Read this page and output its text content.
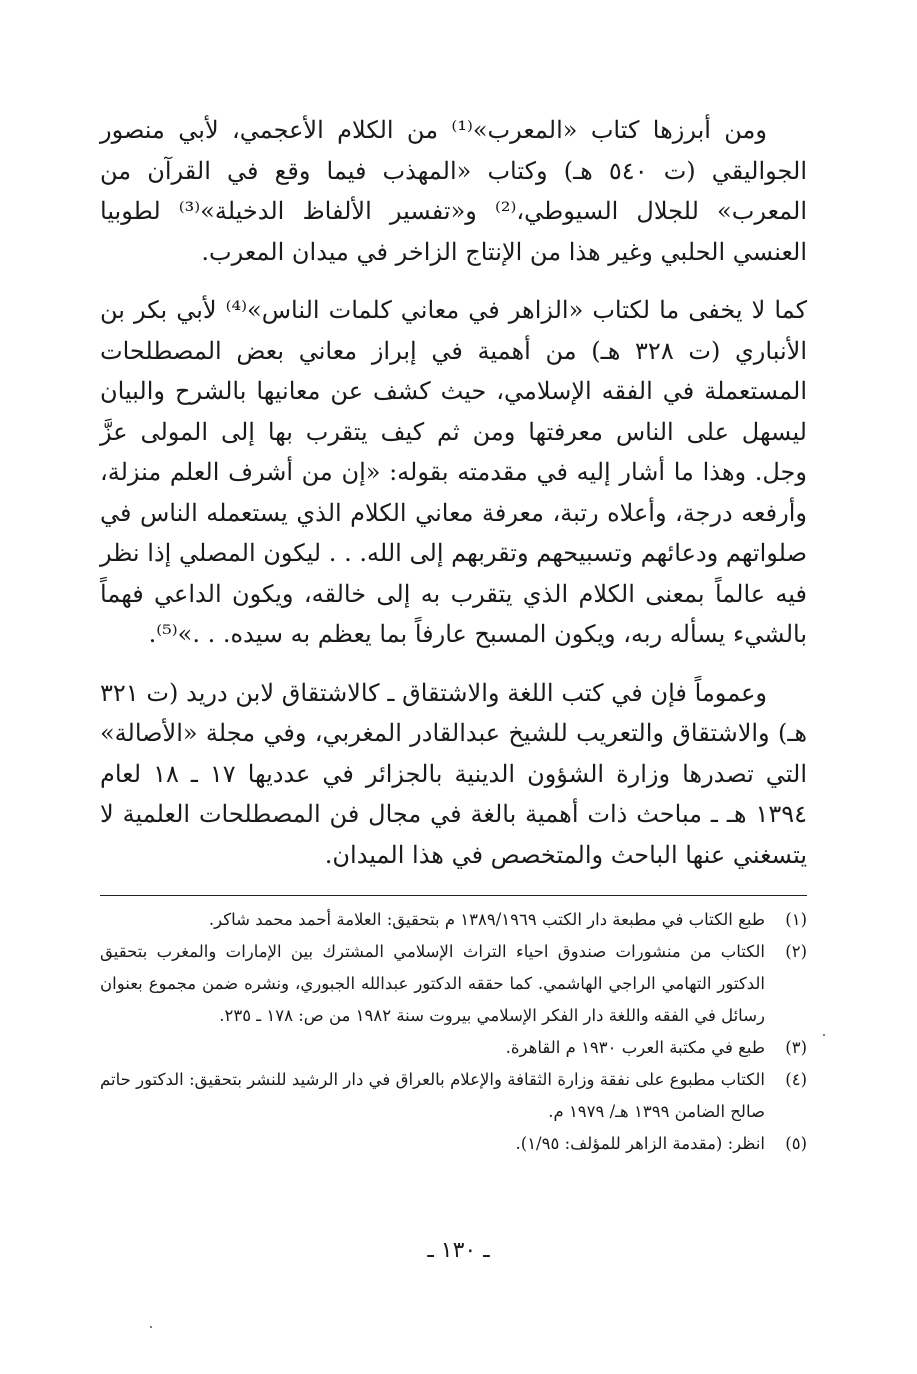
ومن أبرزها كتاب «المعرب»⁽¹⁾ من الكلام الأعجمي، لأبي منصور الجواليقي (ت ٥٤٠ هـ) وكتاب «المهذب فيما وقع في القرآن من المعرب» للجلال السيوطي،⁽²⁾ و«تفسير الألفاظ الدخيلة»⁽³⁾ لطوبيا العنسي الحلبي وغير هذا من الإنتاج الزاخر في ميدان المعرب.

كما لا يخفى ما لكتاب «الزاهر في معاني كلمات الناس»⁽⁴⁾ لأبي بكر بن الأنباري (ت ٣٢٨ هـ) من أهمية في إبراز معاني بعض المصطلحات المستعملة في الفقه الإسلامي، حيث كشف عن معانيها بالشرح والبيان ليسهل على الناس معرفتها ومن ثم كيف يتقرب بها إلى المولى عزَّ وجل. وهذا ما أشار إليه في مقدمته بقوله: «إن من أشرف العلم منزلة، وأرفعه درجة، وأعلاه رتبة، معرفة معاني الكلام الذي يستعمله الناس في صلواتهم ودعائهم وتسبيحهم وتقربهم إلى الله. . . ليكون المصلي إذا نظر فيه عالماً بمعنى الكلام الذي يتقرب به إلى خالقه، ويكون الداعي فهماً بالشيء يسأله ربه، ويكون المسبح عارفاً بما يعظم به سيده. . .»⁽⁵⁾.

وعموماً فإن في كتب اللغة والاشتقاق ـ كالاشتقاق لابن دريد (ت ٣٢١ هـ) والاشتقاق والتعريب للشيخ عبدالقادر المغربي، وفي مجلة «الأصالة» التي تصدرها وزارة الشؤون الدينية بالجزائر في عدديها ١٧ ـ ١٨ لعام ١٣٩٤ هـ ـ مباحث ذات أهمية بالغة في مجال فن المصطلحات العلمية لا يتسغني عنها الباحث والمتخصص في هذا الميدان.

(١)طبع الكتاب في مطبعة دار الكتب ١٣٨٩/١٩٦٩ م بتحقيق: العلامة أحمد محمد شاكر.

(٢)الكتاب من منشورات صندوق احياء التراث الإسلامي المشترك بين الإمارات والمغرب بتحقيق الدكتور التهامي الراجي الهاشمي. كما حققه الدكتور عبدالله الجبوري، ونشره ضمن مجموع بعنوان رسائل في الفقه واللغة دار الفكر الإسلامي بيروت سنة ١٩٨٢ من ص: ١٧٨ ـ ٢٣٥.

(٣)طبع في مكتبة العرب ١٩٣٠ م القاهرة.

(٤)الكتاب مطبوع على نفقة وزارة الثقافة والإعلام بالعراق في دار الرشيد للنشر بتحقيق: الدكتور حاتم صالح الضامن ١٣٩٩ هـ/ ١٩٧٩ م.

(٥)انظر: (مقدمة الزاهر للمؤلف: ١/٩٥).

ـ ١٣٠ ـ
